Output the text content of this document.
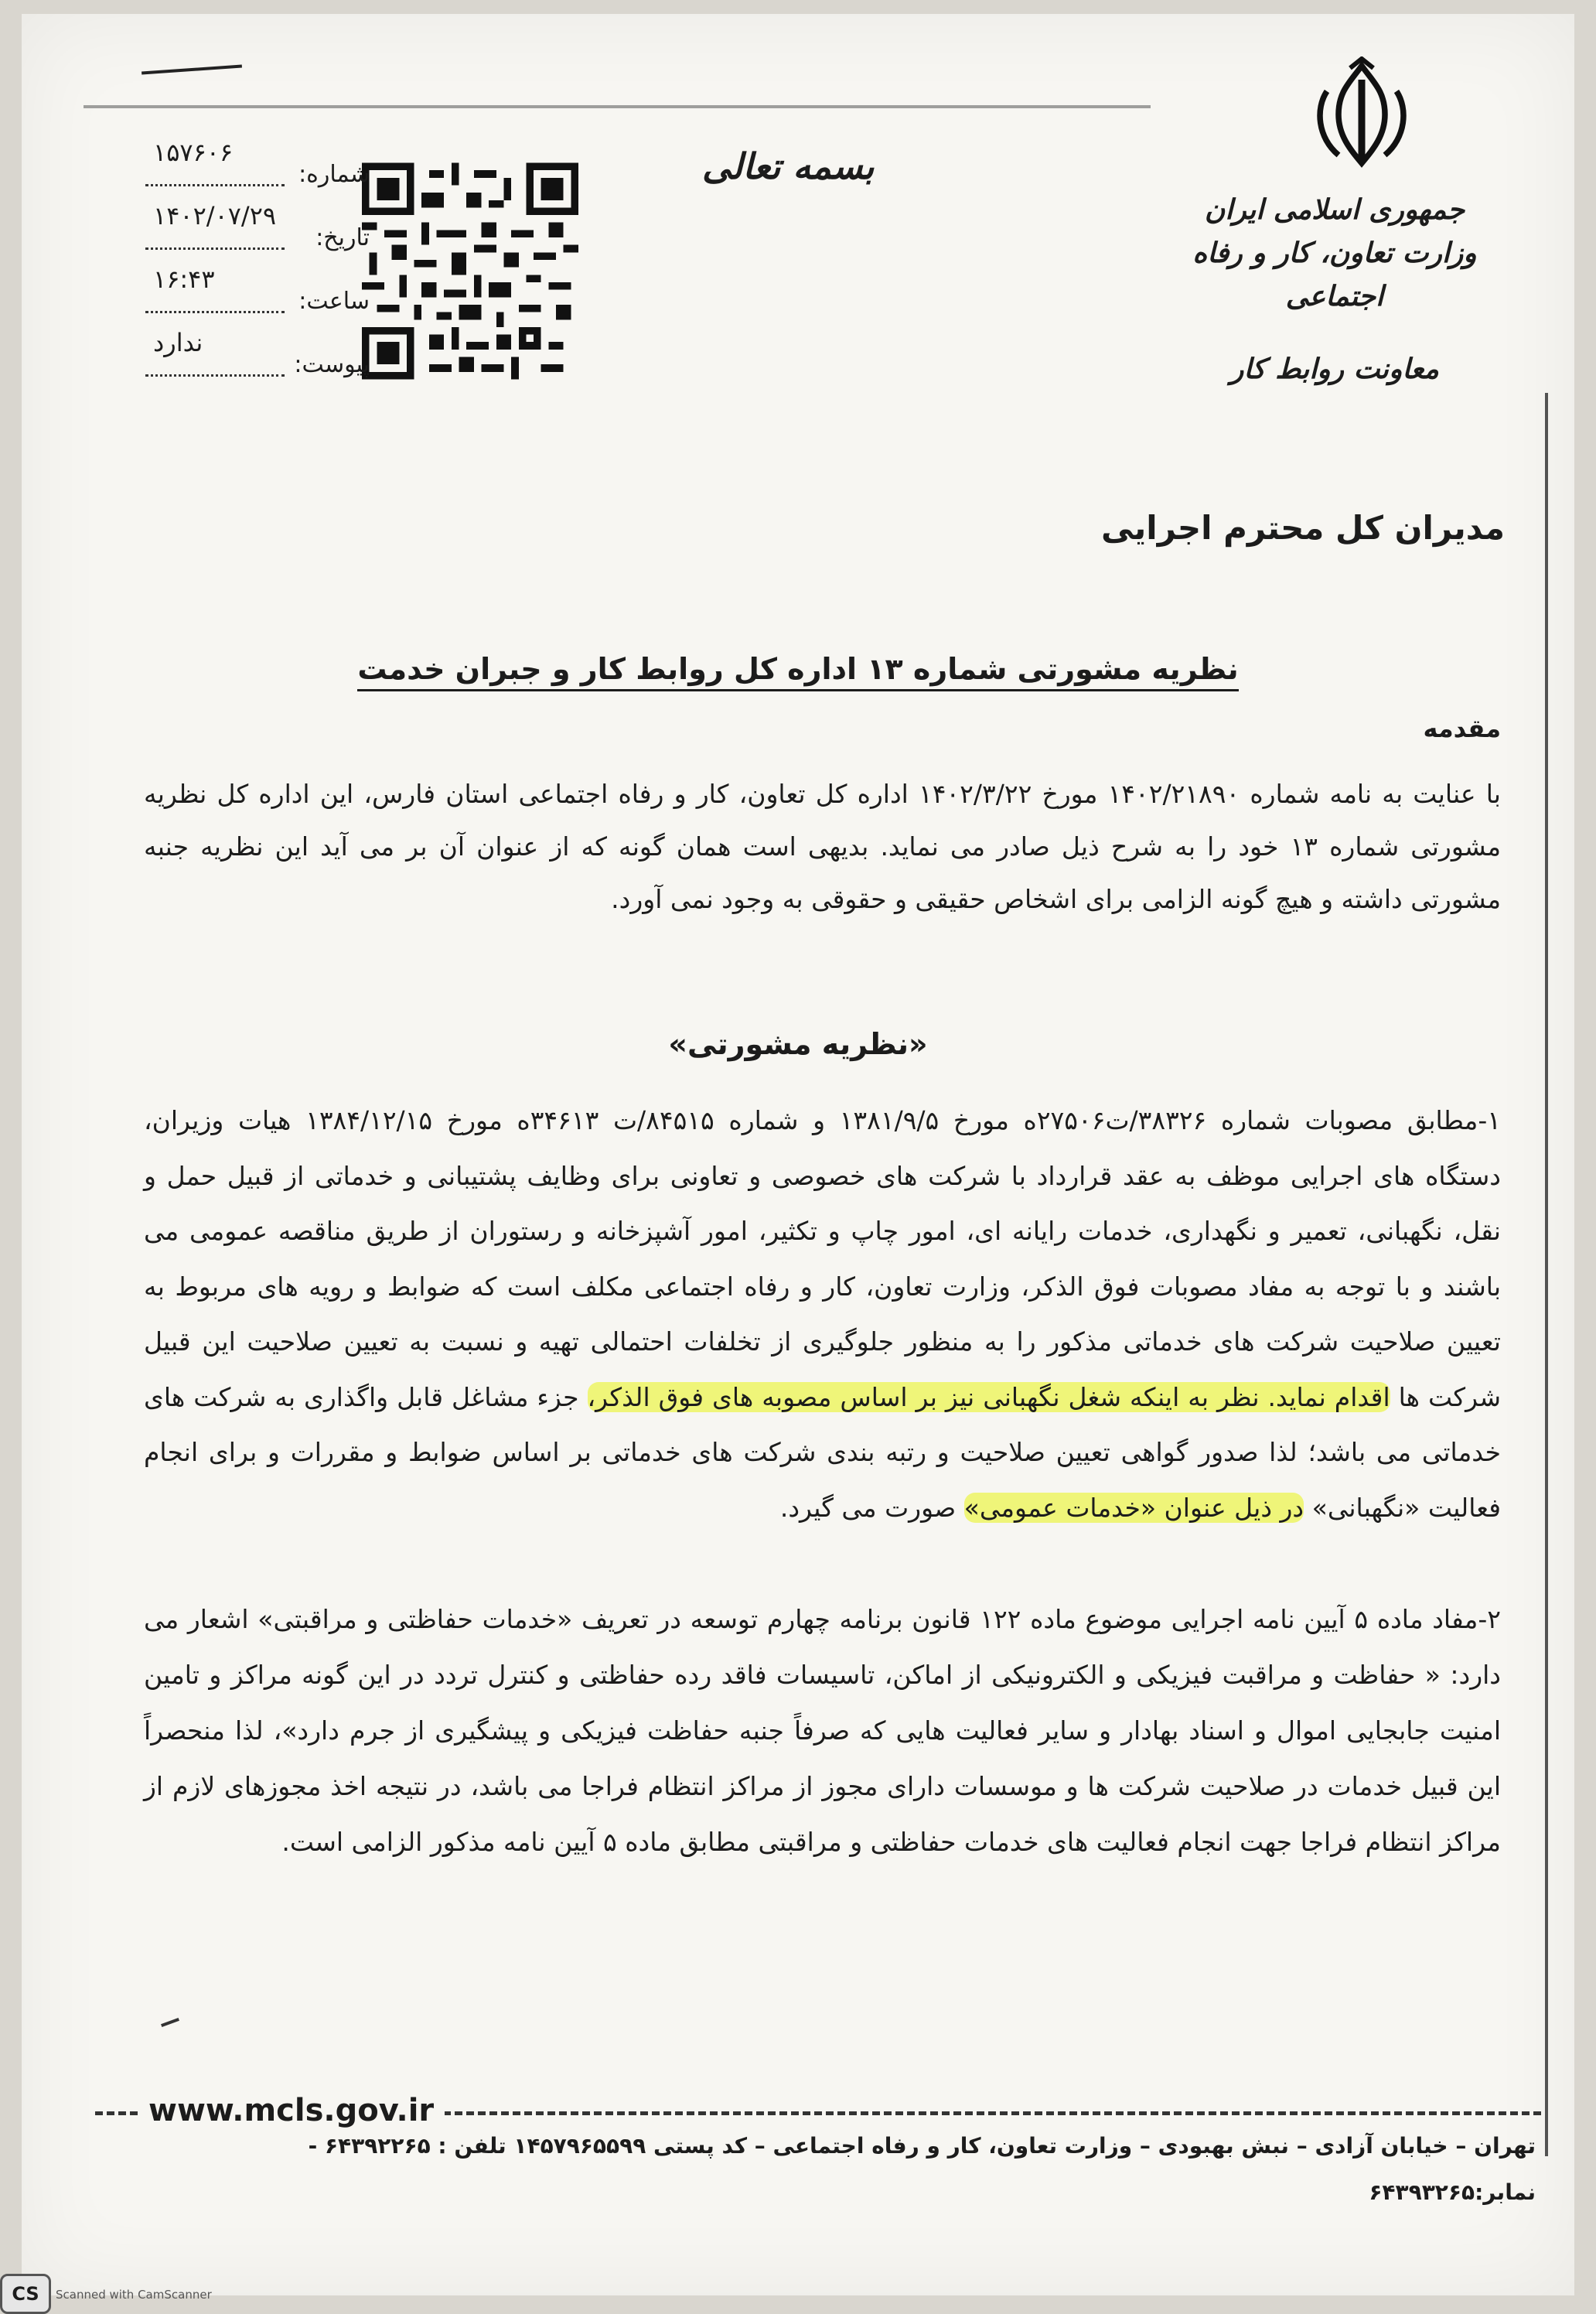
جمهوری اسلامی ایران
وزارت تعاون، کار و رفاه اجتماعی
معاونت روابط کار
بسمه تعالی
شماره:
۱۵۷۶۰۶
تاریخ:
۱۴۰۲/۰۷/۲۹
ساعت:
۱۶:۴۳
پیوست:
ندارد
مدیران کل محترم اجرایی
نظریه مشورتی شماره ۱۳ اداره کل روابط کار و جبران خدمت
مقدمه
با عنایت به نامه شماره ۱۴۰۲/۲۱۸۹۰ مورخ ۱۴۰۲/۳/۲۲ اداره کل تعاون، کار و رفاه اجتماعی استان فارس، این اداره کل نظریه مشورتی شماره ۱۳ خود را به شرح ذیل صادر می نماید. بدیهی است همان گونه که از عنوان آن بر می آید این نظریه جنبه مشورتی داشته و هیچ گونه الزامی برای اشخاص حقیقی و حقوقی به وجود نمی آورد.
«نظریه مشورتی»
۱-مطابق مصوبات شماره ۳۸۳۲۶/ت۲۷۵۰۶ه مورخ ۱۳۸۱/۹/۵ و شماره ۸۴۵۱۵/ت ۳۴۶۱۳ه مورخ ۱۳۸۴/۱۲/۱۵ هیات وزیران، دستگاه های اجرایی موظف به عقد قرارداد با شرکت های خصوصی و تعاونی برای وظایف پشتیبانی و خدماتی از قبیل حمل و نقل، نگهبانی، تعمیر و نگهداری، خدمات رایانه ای، امور چاپ و تکثیر، امور آشپزخانه و رستوران از طریق مناقصه عمومی می باشند و با توجه به مفاد مصوبات فوق الذکر، وزارت تعاون، کار و رفاه اجتماعی مکلف است که ضوابط و رویه های مربوط به تعیین صلاحیت شرکت های خدماتی مذکور را به منظور جلوگیری از تخلفات احتمالی تهیه و نسبت به تعیین صلاحیت این قبیل شرکت ها اقدام نماید. نظر به اینکه شغل نگهبانی نیز بر اساس مصوبه های فوق الذکر، جزء مشاغل قابل واگذاری به شرکت های خدماتی می باشد؛ لذا صدور گواهی تعیین صلاحیت و رتبه بندی شرکت های خدماتی بر اساس ضوابط و مقررات و برای انجام فعالیت «نگهبانی» در ذیل عنوان «خدمات عمومی» صورت می گیرد.
۲-مفاد ماده ۵ آیین نامه اجرایی موضوع ماده ۱۲۲ قانون برنامه چهارم توسعه در تعریف «خدمات حفاظتی و مراقبتی» اشعار می دارد: « حفاظت و مراقبت فیزیکی و الکترونیکی از اماکن، تاسیسات فاقد رده حفاظتی و کنترل تردد در این گونه مراکز و تامین امنیت جابجایی اموال و اسناد بهادار و سایر فعالیت هایی که صرفاً جنبه حفاظت فیزیکی و پیشگیری از جرم دارد»، لذا منحصراً این قبیل خدمات در صلاحیت شرکت ها و موسسات دارای مجوز از مراکز انتظام فراجا می باشد، در نتیجه اخذ مجوزهای لازم از مراکز انتظام فراجا جهت انجام فعالیت های خدمات حفاظتی و مراقبتی مطابق ماده ۵ آیین نامه مذکور الزامی است.
www.mcls.gov.ir
تهران – خیابان آزادی – نبش بهبودی – وزارت تعاون، کار و رفاه اجتماعی – کد پستی ۱۴۵۷۹۶۵۵۹۹ تلفن : ۶۴۳۹۲۲۶۵ -
نمابر:۶۴۳۹۳۲۶۵
CS	Scanned with CamScanner
